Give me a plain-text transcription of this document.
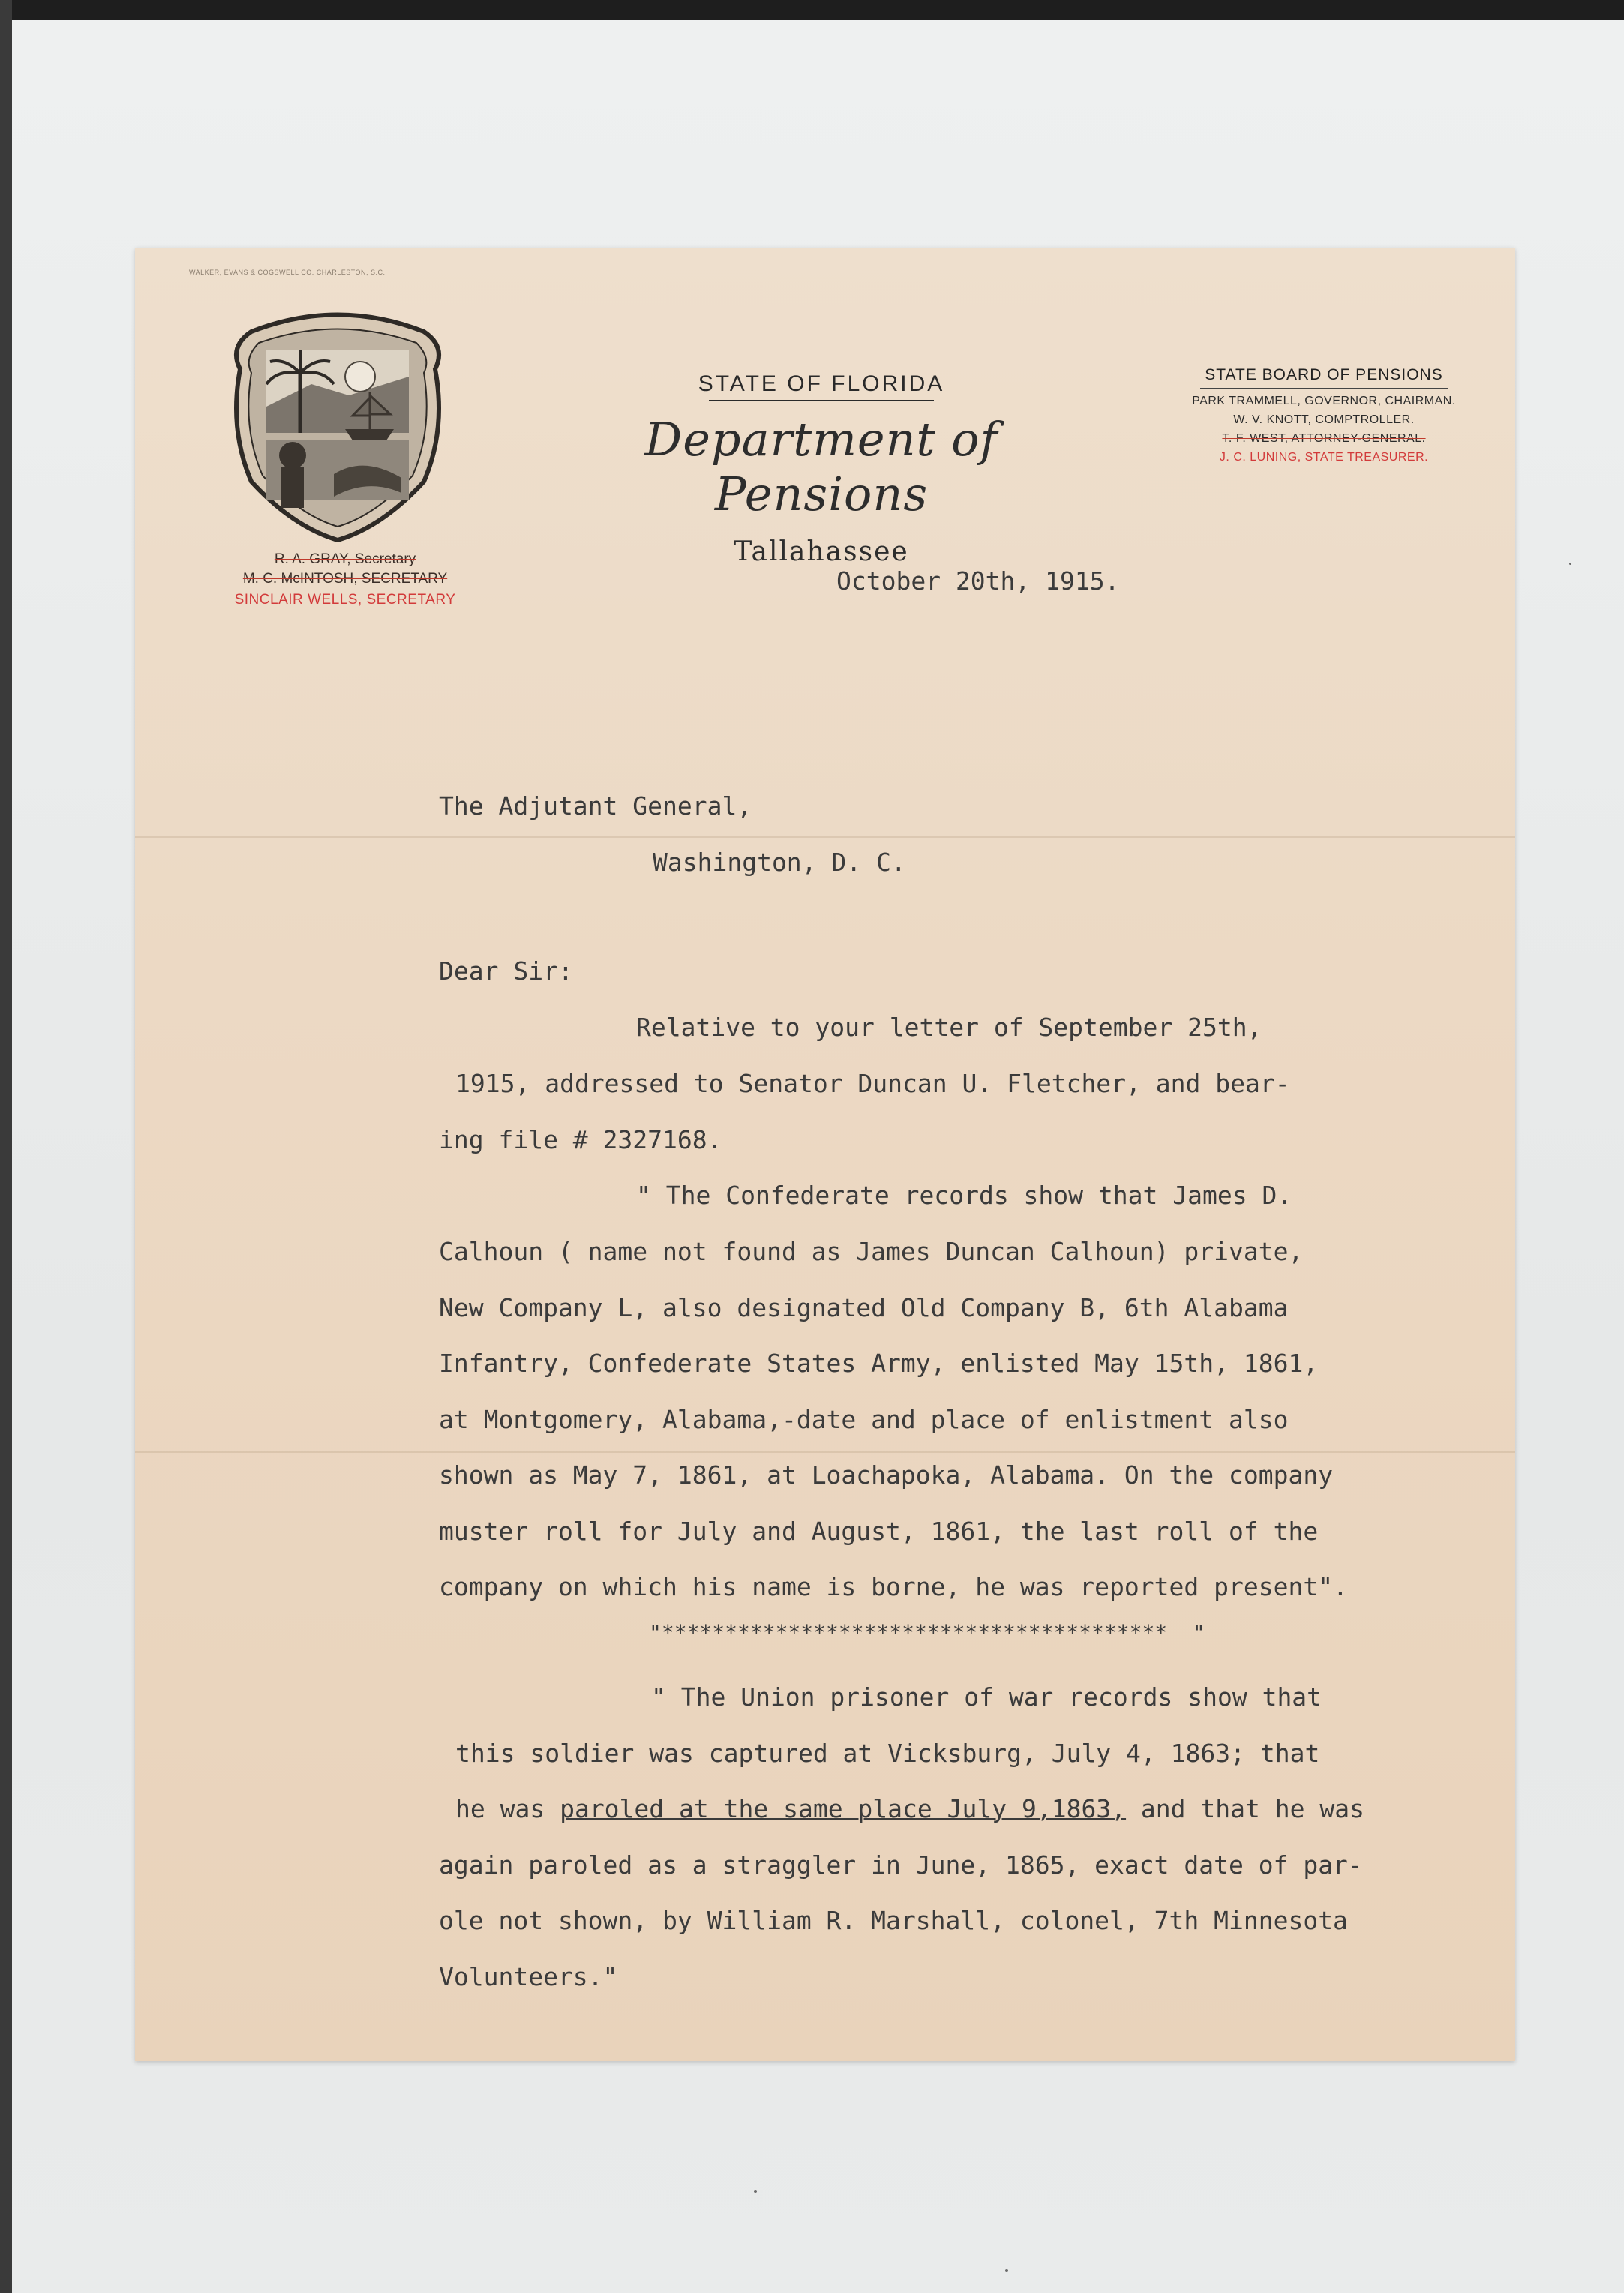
WALKER, EVANS & COGSWELL CO. CHARLESTON, S.C.
R. A. GRAY, Secretary
M. C. McINTOSH, SECRETARY
SINCLAIR WELLS, SECRETARY
STATE OF FLORIDA
Department of Pensions
Tallahassee
STATE BOARD OF PENSIONS
PARK TRAMMELL, GOVERNOR, CHAIRMAN.
W. V. KNOTT, COMPTROLLER.
T. F. WEST, ATTORNEY-GENERAL.
J. C. LUNING, STATE TREASURER.
October 20th, 1915.
The Adjutant General,
Washington, D. C.
Dear Sir:
Relative to your letter of September 25th,
1915, addressed to Senator Duncan U. Fletcher, and bear-
ing file # 2327168.
" The Confederate records show that James D.
Calhoun ( name not found as James Duncan Calhoun) private,
New Company L, also designated Old Company B, 6th Alabama
Infantry, Confederate States Army, enlisted May 15th, 1861,
at Montgomery, Alabama,-date and place of enlistment also
shown as May 7, 1861, at Loachapoka, Alabama. On the company
muster roll for July and August, 1861, the last roll of the
company on which his name is borne, he was reported present".
"****************************************  "
" The Union prisoner of war records show that
this soldier was captured at Vicksburg, July 4, 1863; that
he was paroled at the same place July 9,1863, and that he was
again paroled as a straggler in June, 1865, exact date of par-
ole not shown, by William R. Marshall, colonel, 7th Minnesota
Volunteers."
